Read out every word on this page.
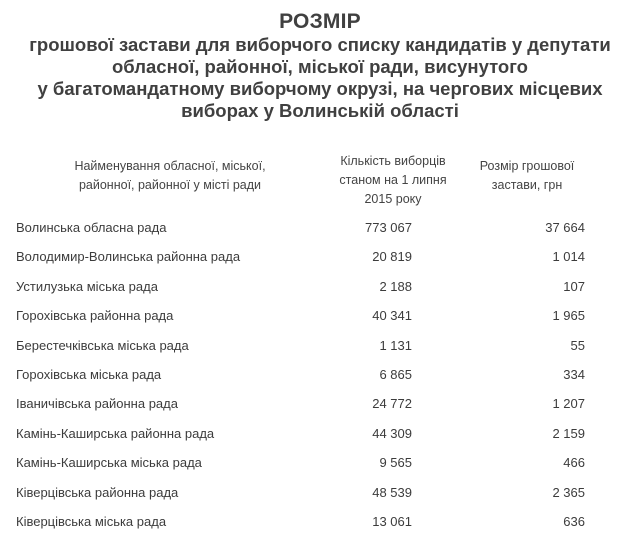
РОЗМІР
грошової застави для виборчого списку кандидатів у депутати
обласної, районної, міської ради, висунутого
у багатомандатному виборчому окрузі, на чергових місцевих
виборах у Волинській області
Найменування обласної, міської,
районної, районної у місті ради
Кількість виборців
станом на 1 липня
2015 року
Розмір грошової
застави, грн
Волинська обласна рада	773 067	37 664
Володимир-Волинська районна рада	20 819	1 014
Устилузька міська рада	2 188	107
Горохівська районна рада	40 341	1 965
Берестечківська міська рада	1 131	55
Горохівська міська рада	6 865	334
Іваничівська районна рада	24 772	1 207
Камінь-Каширська районна рада	44 309	2 159
Камінь-Каширська міська рада	9 565	466
Ківерцівська районна рада	48 539	2 365
Ківерцівська міська рада	13 061	636
